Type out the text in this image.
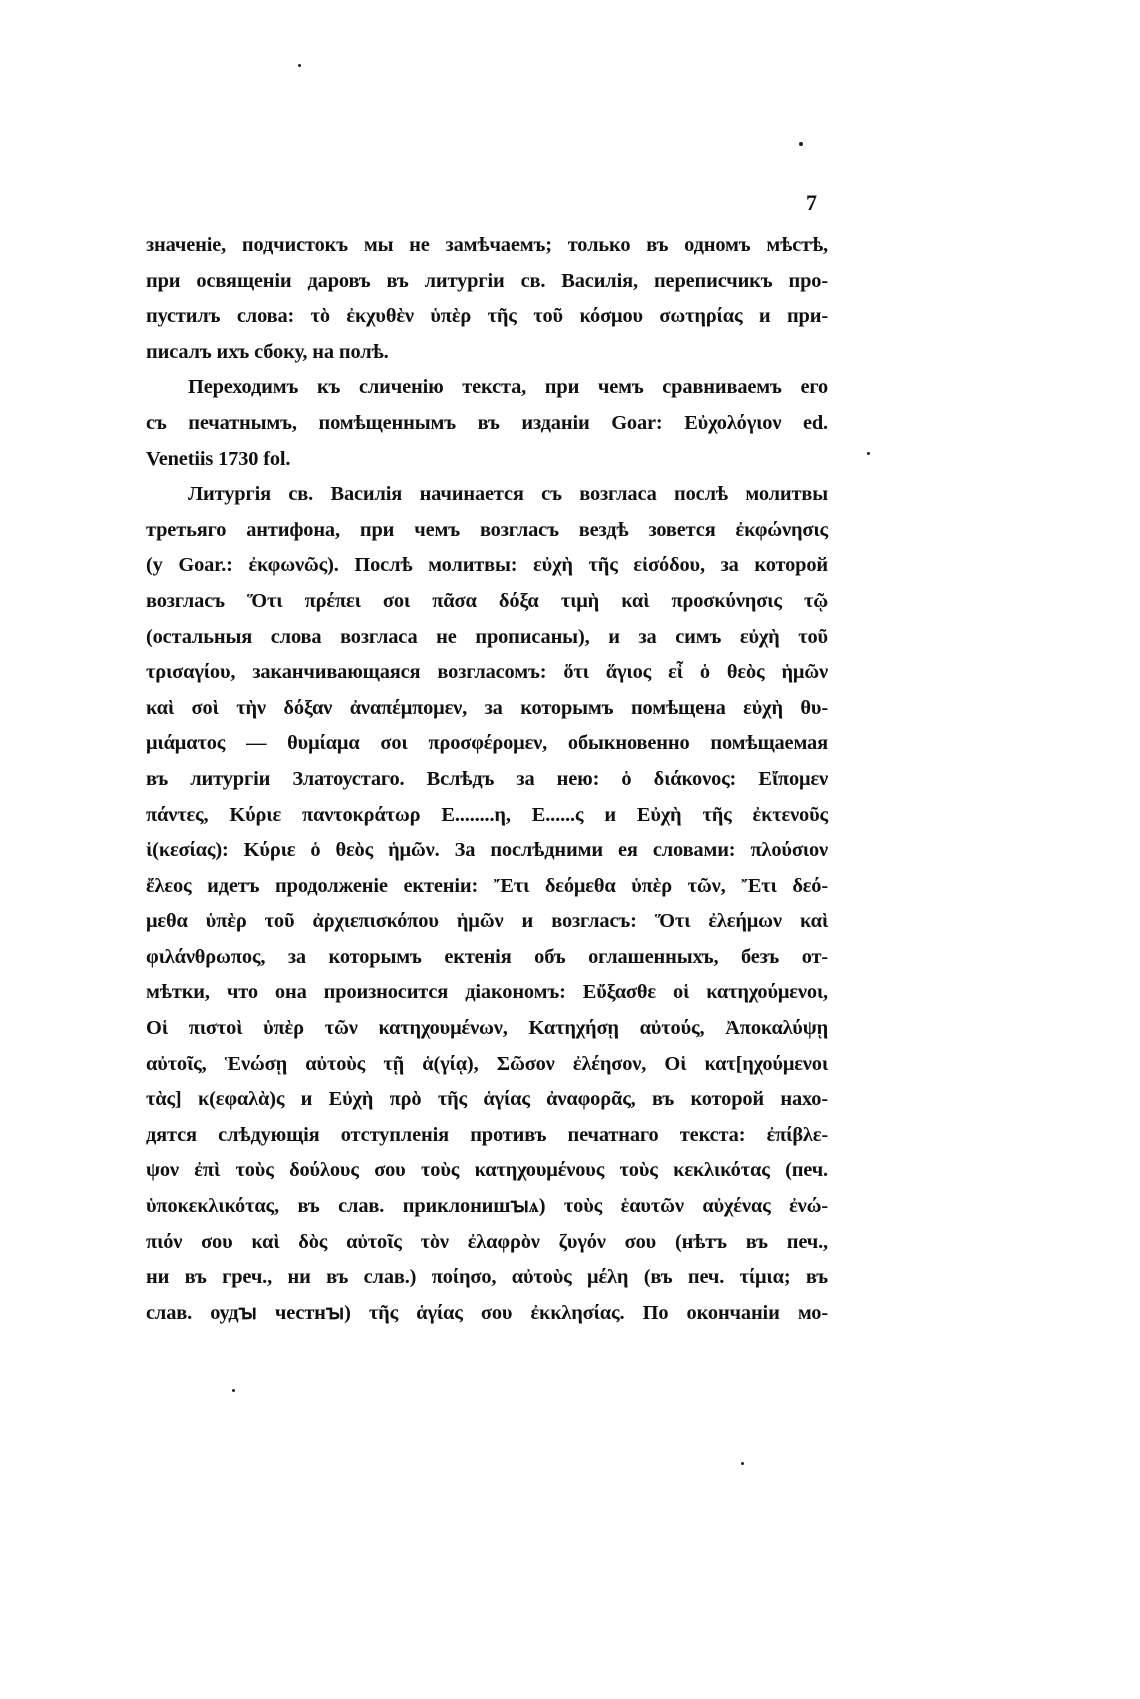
7
значеніе, подчистокъ мы не замѣчаемъ; только въ одномъ мѣстѣ,
при освященіи даровъ въ литургіи св. Василія, переписчикъ про-
пустилъ слова: τὸ ἐκχυθὲν ὑπὲρ τῆς τοῦ κόσμου σωτηρίας и при-
писалъ ихъ сбоку, на полѣ.
Переходимъ къ сличенію текста, при чемъ сравниваемъ его
съ печатнымъ, помѣщеннымъ въ изданіи Goar: Εὐχολόγιον ed.
Venetiis 1730 fol.
Литургія св. Василія начинается съ возгласа послѣ молитвы
третьяго антифона, при чемъ возгласъ вездѣ зовется ἐκφώνησις
(у Goar.: ἐκφωνῶς). Послѣ молитвы: εὐχὴ τῆς εἰσόδου, за которой
возгласъ Ὅτι πρέπει σοι πᾶσα δόξα τιμὴ καὶ προσκύνησις τῷ
(остальныя слова возгласа не прописаны), и за симъ εὐχὴ τοῦ
τρισαγίου, заканчивающаяся возгласомъ: ὅτι ἅγιος εἶ ὁ θεὸς ἡμῶν
καὶ σοὶ τὴν δόξαν ἀναπέμπομεν, за которымъ помѣщена εὐχὴ θυ-
μιάματος — θυμίαμα σοι προσφέρομεν, обыкновенно помѣщаемая
въ литургіи Златоустаго. Вслѣдъ за нею: ὁ διάκονος: Εἴπομεν
πάντες, Κύριε παντοκράτωρ Ε........η, Ε......ς и Εὐχὴ τῆς ἐκτενοῦς
ἱ(κεσίας): Κύριε ὁ θεὸς ἡμῶν. За послѣдними ея словами: πλούσιον
ἔλεος идетъ продолженіе ектеніи: Ἔτι δεόμεθα ὑπὲρ τῶν, Ἔτι δεό-
μεθα ὑπὲρ τοῦ ἀρχιεπισκόπου ἡμῶν и возгласъ: Ὅτι ἐλεήμων καὶ
φιλάνθρωπος, за которымъ ектенія объ оглашенныхъ, безъ от-
мѣтки, что она произносится діакономъ: Εὔξασθε οἱ κατηχούμενοι,
Οἱ πιστοὶ ὑπὲρ τῶν κατηχουμένων, Κατηχήσῃ αὐτούς, Ἀποκαλύψῃ
αὐτοῖς, Ἑνώσῃ αὐτοὺς τῇ ἁ(γίᾳ), Σῶσον ἐλέησον, Οἱ κατ[ηχούμενοι
τὰς] κ(εφαλὰ)ς и Εὐχὴ πρὸ τῆς ἁγίας ἀναφορᾶς, въ которой нахо-
дятся слѣдующія отступленія противъ печатнаго текста: ἐπίβλε-
ψον ἐπὶ τοὺς δούλους σου τοὺς κατηχουμένους τοὺς κεκλικότας (печ.
ὑποκεκλικότας, въ слав. приклонишꙑѧ) τοὺς ἑαυτῶν αὐχένας ἐνώ-
πιόν σου καὶ δὸς αὐτοῖς τὸν ἐλαφρὸν ζυγόν σου (нѣтъ въ печ.,
ни въ греч., ни въ слав.) ποίησο, αὐτοὺς μέλη (въ печ. τίμια; въ
слав. оудꙑ честнꙑ) τῆς ἁγίας σου ἐκκλησίας. По окончаніи мо-
